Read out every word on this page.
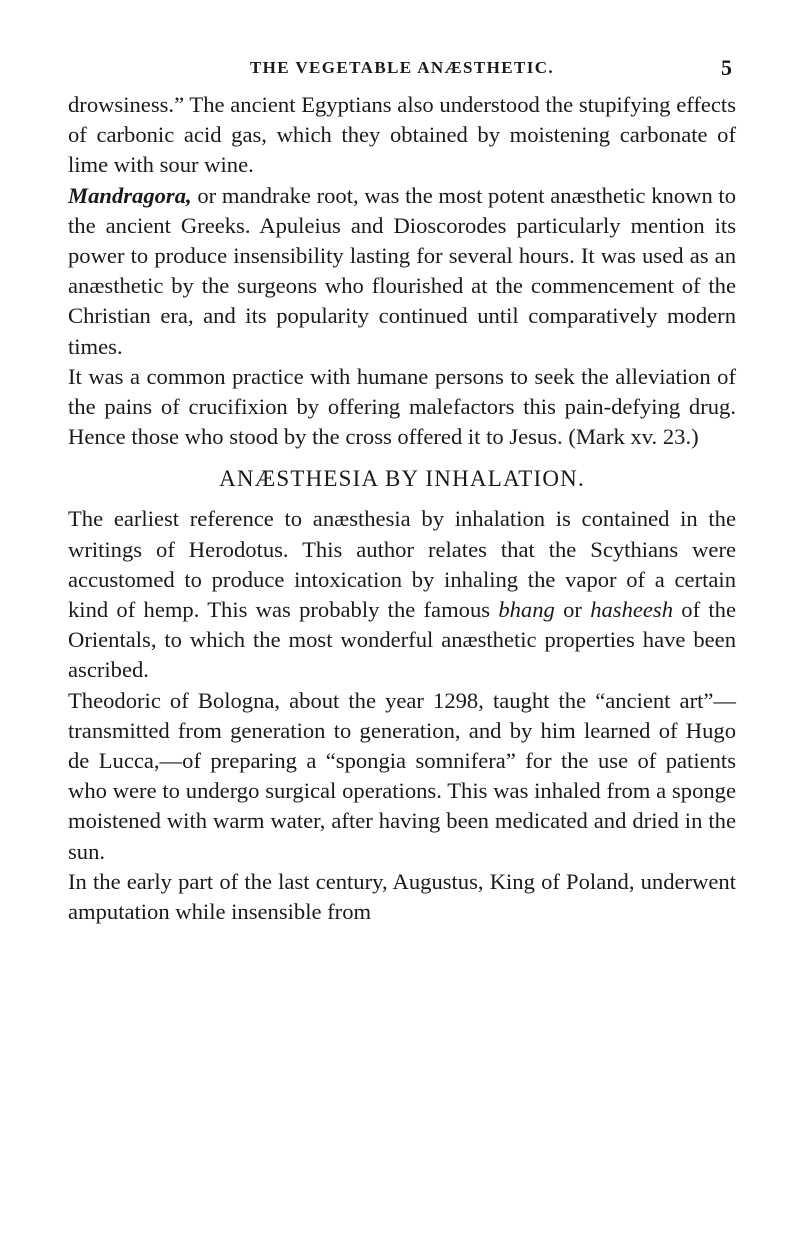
THE VEGETABLE ANÆSTHETIC.	5

drowsiness.” The ancient Egyptians also understood the stupifying effects of carbonic acid gas, which they obtained by moistening carbonate of lime with sour wine.

Mandragora, or mandrake root, was the most potent anæsthetic known to the ancient Greeks. Apuleius and Dioscorodes particularly mention its power to produce insensibility lasting for several hours. It was used as an anæsthetic by the surgeons who flourished at the commencement of the Christian era, and its popularity continued until comparatively modern times.

It was a common practice with humane persons to seek the alleviation of the pains of crucifixion by offering malefactors this pain-defying drug. Hence those who stood by the cross offered it to Jesus. (Mark xv. 23.)

ANÆSTHESIA BY INHALATION.

The earliest reference to anæsthesia by inhalation is contained in the writings of Herodotus. This author relates that the Scythians were accustomed to produce intoxication by inhaling the vapor of a certain kind of hemp. This was probably the famous bhang or hasheesh of the Orientals, to which the most wonderful anæsthetic properties have been ascribed.

Theodoric of Bologna, about the year 1298, taught the “ancient art”—transmitted from generation to generation, and by him learned of Hugo de Lucca,—of preparing a “spongia somnifera” for the use of patients who were to undergo surgical operations. This was inhaled from a sponge moistened with warm water, after having been medicated and dried in the sun.

In the early part of the last century, Augustus, King of Poland, underwent amputation while insensible from
